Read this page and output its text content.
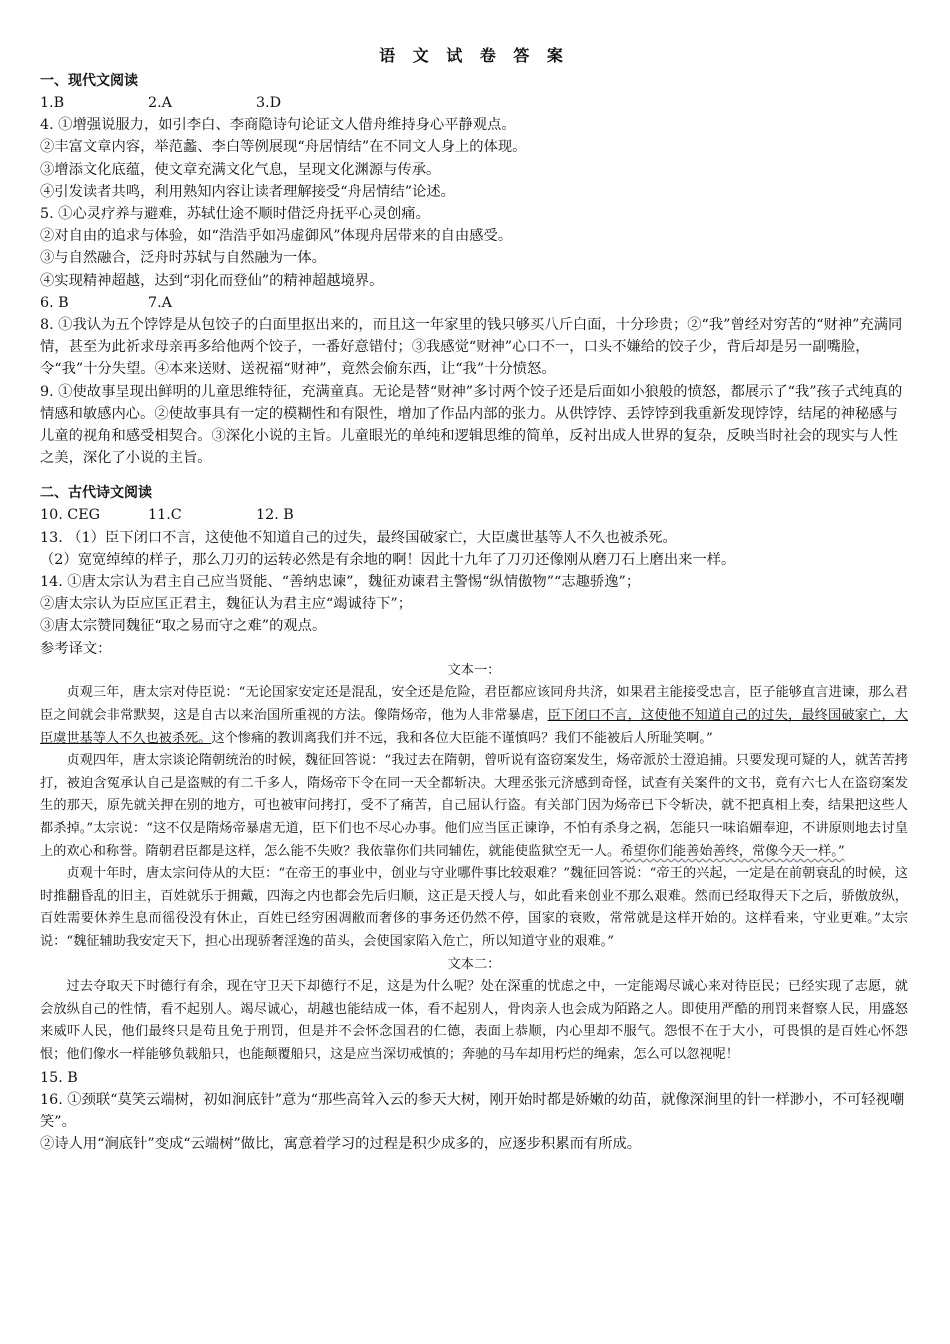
语 文 试 卷 答 案
一、现代文阅读
1.B	2.A	3.D
4. ①增强说服力，如引李白、李商隐诗句论证文人借舟维持身心平静观点。
②丰富文章内容，举范蠡、李白等例展现“舟居情结”在不同文人身上的体现。
③增添文化底蕴，使文章充满文化气息，呈现文化渊源与传承。
④引发读者共鸣，利用熟知内容让读者理解接受“舟居情结”论述。
5. ①心灵疗养与避难，苏轼仕途不顺时借泛舟抚平心灵创痛。
②对自由的追求与体验，如“浩浩乎如冯虚御风”体现舟居带来的自由感受。
③与自然融合，泛舟时苏轼与自然融为一体。
④实现精神超越，达到“羽化而登仙”的精神超越境界。
6. B	7.A
8. ①我认为五个饽饽是从包饺子的白面里抠出来的，而且这一年家里的钱只够买八斤白面，十分珍贵；②“我”曾经对穷苦的“财神”充满同情，甚至为此祈求母亲再多给他两个饺子，一番好意错付；③我感觉“财神”心口不一，口头不嫌给的饺子少，背后却是另一副嘴脸，令“我”十分失望。④本来送财、送祝福“财神”，竟然会偷东西，让“我”十分愤怒。
9. ①使故事呈现出鲜明的儿童思维特征，充满童真。无论是替“财神”多讨两个饺子还是后面如小狼般的愤怒，都展示了“我”孩子式纯真的情感和敏感内心。②使故事具有一定的模糊性和有限性，增加了作品内部的张力。从供饽饽、丢饽饽到我重新发现饽饽，结尾的神秘感与儿童的视角和感受相契合。③深化小说的主旨。儿童眼光的单纯和逻辑思维的简单，反衬出成人世界的复杂，反映当时社会的现实与人性之美，深化了小说的主旨。
二、古代诗文阅读
10. CEG	11.C	12. B
13. （1）臣下闭口不言，这使他不知道自己的过失，最终国破家亡，大臣虞世基等人不久也被杀死。
（2）宽宽绰绰的样子，那么刀刃的运转必然是有余地的啊！因此十九年了刀刃还像刚从磨刀石上磨出来一样。
14. ①唐太宗认为君主自己应当贤能、“善纳忠谏”，魏征劝谏君主警惕“纵情傲物”“志趣骄逸”；
②唐太宗认为臣应匡正君主，魏征认为君主应“竭诚待下”；
③唐太宗赞同魏征“取之易而守之难”的观点。
参考译文：
文本一：
贞观三年，唐太宗对侍臣说：“无论国家安定还是混乱，安全还是危险，君臣都应该同舟共济，如果君主能接受忠言，臣子能够直言进谏，那么君臣之间就会非常默契，这是自古以来治国所重视的方法。像隋炀帝，他为人非常暴虐，臣下闭口不言，这使他不知道自己的过失，最终国破家亡，大臣虞世基等人不久也被杀死。这个惨痛的教训离我们并不远，我和各位大臣能不谨慎吗？我们不能被后人所耻笑啊。”
贞观四年，唐太宗谈论隋朝统治的时候，魏征回答说：“我过去在隋朝，曾听说有盗窃案发生，炀帝派於士澄追捕。只要发现可疑的人，就苦苦拷打，被迫含冤承认自己是盗贼的有二千多人，隋炀帝下令在同一天全都斩决。大理丞张元济感到奇怪，试查有关案件的文书，竟有六七人在盗窃案发生的那天，原先就关押在别的地方，可也被审问拷打，受不了痛苦，自己屈认行盗。有关部门因为炀帝已下令斩决，就不把真相上奏，结果把这些人都杀掉。”太宗说：“这不仅是隋炀帝暴虐无道，臣下们也不尽心办事。他们应当匡正谏诤，不怕有杀身之祸，怎能只一味谄媚奉迎，不讲原则地去讨皇上的欢心和称誉。隋朝君臣都是这样，怎么能不失败？我依靠你们共同辅佐，就能使监狱空无一人。希望你们能善始善终，常像今天一样。”
贞观十年时，唐太宗问侍从的大臣：“在帝王的事业中，创业与守业哪件事比较艰难？”魏征回答说：“帝王的兴起，一定是在前朝衰乱的时候，这时推翻昏乱的旧主，百姓就乐于拥戴，四海之内也都会先后归顺，这正是天授人与，如此看来创业不那么艰难。然而已经取得天下之后，骄傲放纵，百姓需要休养生息而徭役没有休止，百姓已经穷困凋敝而奢侈的事务还仍然不停，国家的衰败，常常就是这样开始的。这样看来，守业更难。”太宗说：“魏征辅助我安定天下，担心出现骄奢淫逸的苗头，会使国家陷入危亡，所以知道守业的艰难。”
文本二：
过去夺取天下时德行有余，现在守卫天下却德行不足，这是为什么呢？处在深重的忧虑之中，一定能竭尽诚心来对待臣民；已经实现了志愿，就会放纵自己的性情，看不起别人。竭尽诚心，胡越也能结成一体，看不起别人，骨肉亲人也会成为陌路之人。即使用严酷的刑罚来督察人民，用盛怒来威吓人民，他们最终只是苟且免于刑罚，但是并不会怀念国君的仁德，表面上恭顺，内心里却不服气。怨恨不在于大小，可畏惧的是百姓心怀怨恨；他们像水一样能够负载船只，也能颠覆船只，这是应当深切戒慎的；奔驰的马车却用朽烂的绳索，怎么可以忽视呢！
15. B
16. ①颈联“莫笑云端树，初如涧底针”意为“那些高耸入云的参天大树，刚开始时都是娇嫩的幼苗，就像深涧里的针一样渺小，不可轻视嘲笑”。
②诗人用“涧底针”变成“云端树”做比，寓意着学习的过程是积少成多的，应逐步积累而有所成。
